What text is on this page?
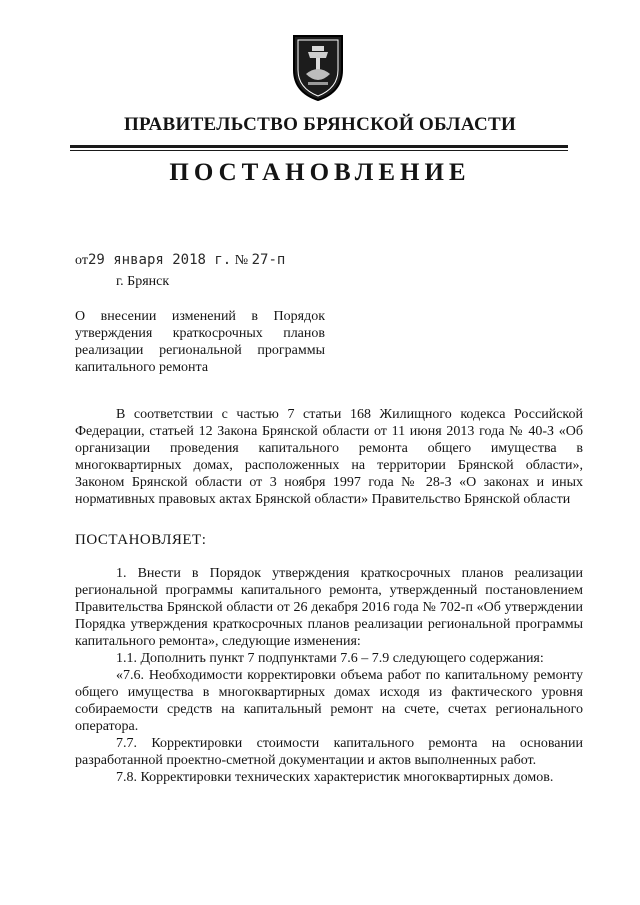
ПРАВИТЕЛЬСТВО БРЯНСКОЙ ОБЛАСТИ
ПОСТАНОВЛЕНИЕ
от29 января 2018 г. № 27-п
г. Брянск
О внесении изменений в Порядок утверждения краткосрочных планов реализации региональной программы капитального ремонта

В соответствии с частью 7 статьи 168 Жилищного кодекса Российской Федерации, статьей 12 Закона Брянской области от 11 июня 2013 года № 40-З «Об организации проведения капитального ремонта общего имущества в многоквартирных домах, расположенных на территории Брянской области», Законом Брянской области от 3 ноября 1997 года № 28-З «О законах и иных нормативных правовых актах Брянской области» Правительство Брянской области

ПОСТАНОВЛЯЕТ:

1. Внести в Порядок утверждения краткосрочных планов реализации региональной программы капитального ремонта, утвержденный постановлением Правительства Брянской области от 26 декабря 2016 года № 702-п «Об утверждении Порядка утверждения краткосрочных планов реализации региональной программы капитального ремонта», следующие изменения:

1.1. Дополнить пункт 7 подпунктами 7.6 – 7.9 следующего содержания:

«7.6. Необходимости корректировки объема работ по капитальному ремонту общего имущества в многоквартирных домах исходя из фактического уровня собираемости средств на капитальный ремонт на счете, счетах регионального оператора.

7.7. Корректировки стоимости капитального ремонта на основании разработанной проектно-сметной документации и актов выполненных работ.

7.8. Корректировки технических характеристик многоквартирных домов.
